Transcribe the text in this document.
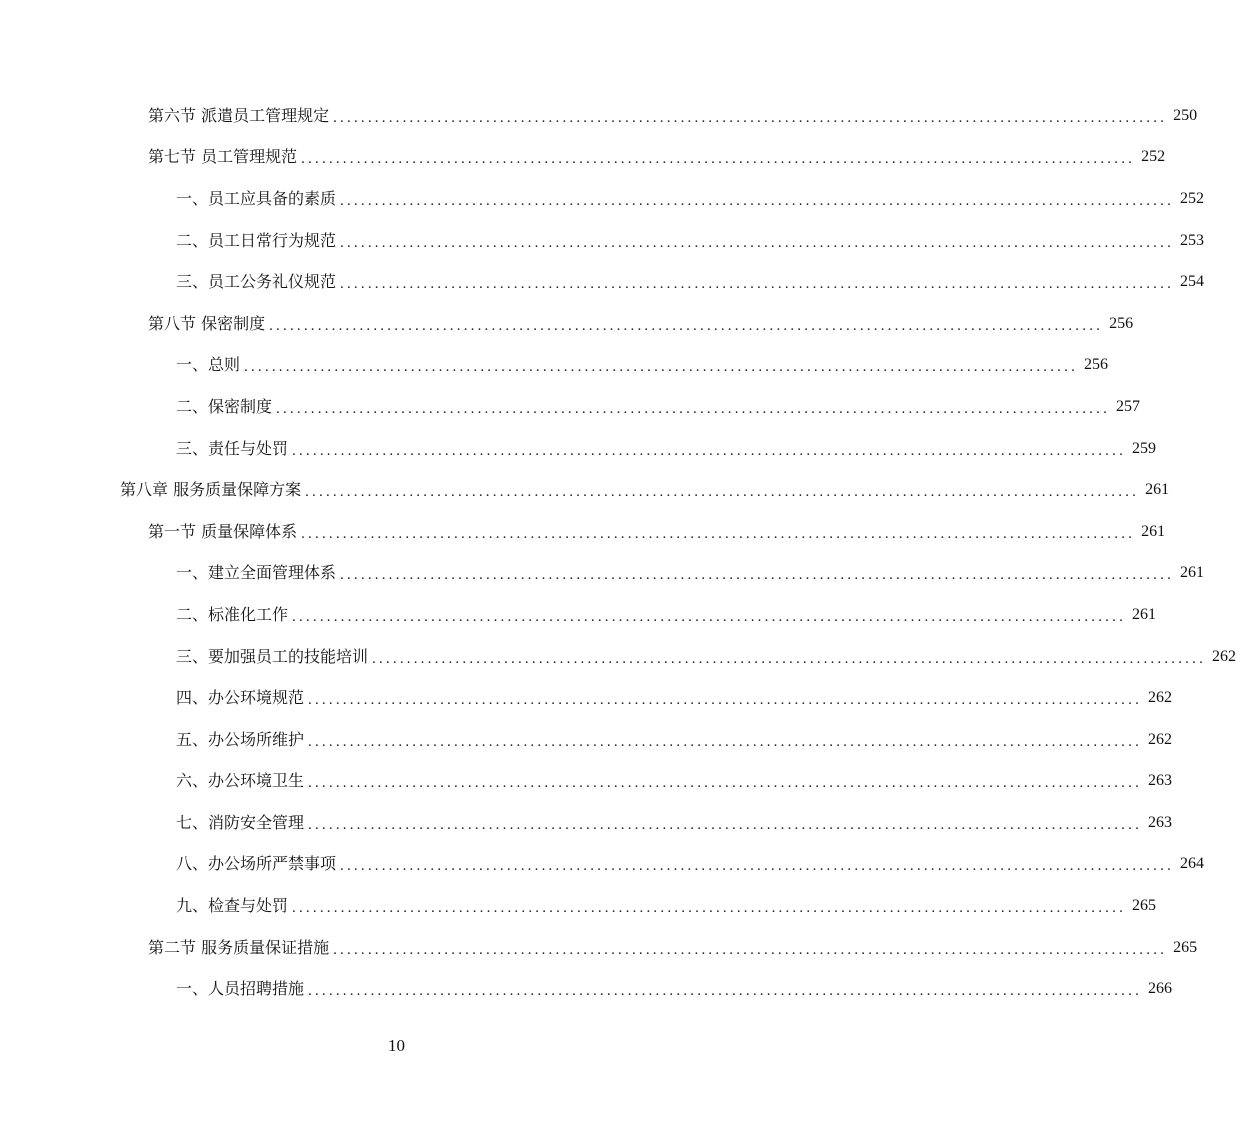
第六节 派遣员工管理规定 ........................................................................................................................ 250
第七节 员工管理规范 ........................................................................................................................ 252
一、员工应具备的素质 ........................................................................................................................ 252
二、员工日常行为规范 ........................................................................................................................ 253
三、员工公务礼仪规范 ........................................................................................................................ 254
第八节 保密制度 ........................................................................................................................ 256
一、总则 ........................................................................................................................ 256
二、保密制度 ........................................................................................................................ 257
三、责任与处罚 ........................................................................................................................ 259
第八章 服务质量保障方案 ........................................................................................................................ 261
第一节 质量保障体系 ........................................................................................................................ 261
一、建立全面管理体系 ........................................................................................................................ 261
二、标准化工作 ........................................................................................................................ 261
三、要加强员工的技能培训 ........................................................................................................................ 262
四、办公环境规范 ........................................................................................................................ 262
五、办公场所维护 ........................................................................................................................ 262
六、办公环境卫生 ........................................................................................................................ 263
七、消防安全管理 ........................................................................................................................ 263
八、办公场所严禁事项 ........................................................................................................................ 264
九、检查与处罚 ........................................................................................................................ 265
第二节 服务质量保证措施 ........................................................................................................................ 265
一、人员招聘措施 ........................................................................................................................ 266
10
